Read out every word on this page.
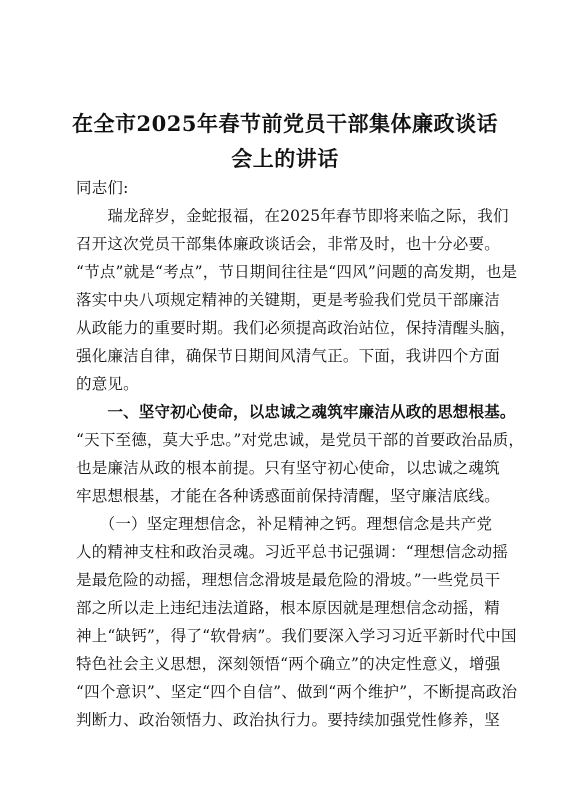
在全市2025年春节前党员干部集体廉政谈话
会上的讲话
同志们:
　　瑞龙辞岁，金蛇报福，在2025年春节即将来临之际，我们
召开这次党员干部集体廉政谈话会，非常及时，也十分必要。
“节点”就是“考点”，节日期间往往是“四风”问题的高发期，也是
落实中央八项规定精神的关键期，更是考验我们党员干部廉洁
从政能力的重要时期。我们必须提高政治站位，保持清醒头脑，
强化廉洁自律，确保节日期间风清气正。下面，我讲四个方面
的意见。
　　一、坚守初心使命，以忠诚之魂筑牢廉洁从政的思想根基。
“天下至德，莫大乎忠。”对党忠诚，是党员干部的首要政治品质，
也是廉洁从政的根本前提。只有坚守初心使命，以忠诚之魂筑
牢思想根基，才能在各种诱惑面前保持清醒，坚守廉洁底线。
　　（一）坚定理想信念，补足精神之钙。理想信念是共产党
人的精神支柱和政治灵魂。习近平总书记强调：“理想信念动摇
是最危险的动摇，理想信念滑坡是最危险的滑坡。”一些党员干
部之所以走上违纪违法道路，根本原因就是理想信念动摇，精
神上“缺钙”，得了“软骨病”。我们要深入学习习近平新时代中国
特色社会主义思想，深刻领悟“两个确立”的决定性意义，增强
“四个意识”、坚定“四个自信”、做到“两个维护”，不断提高政治
判断力、政治领悟力、政治执行力。要持续加强党性修养，坚
